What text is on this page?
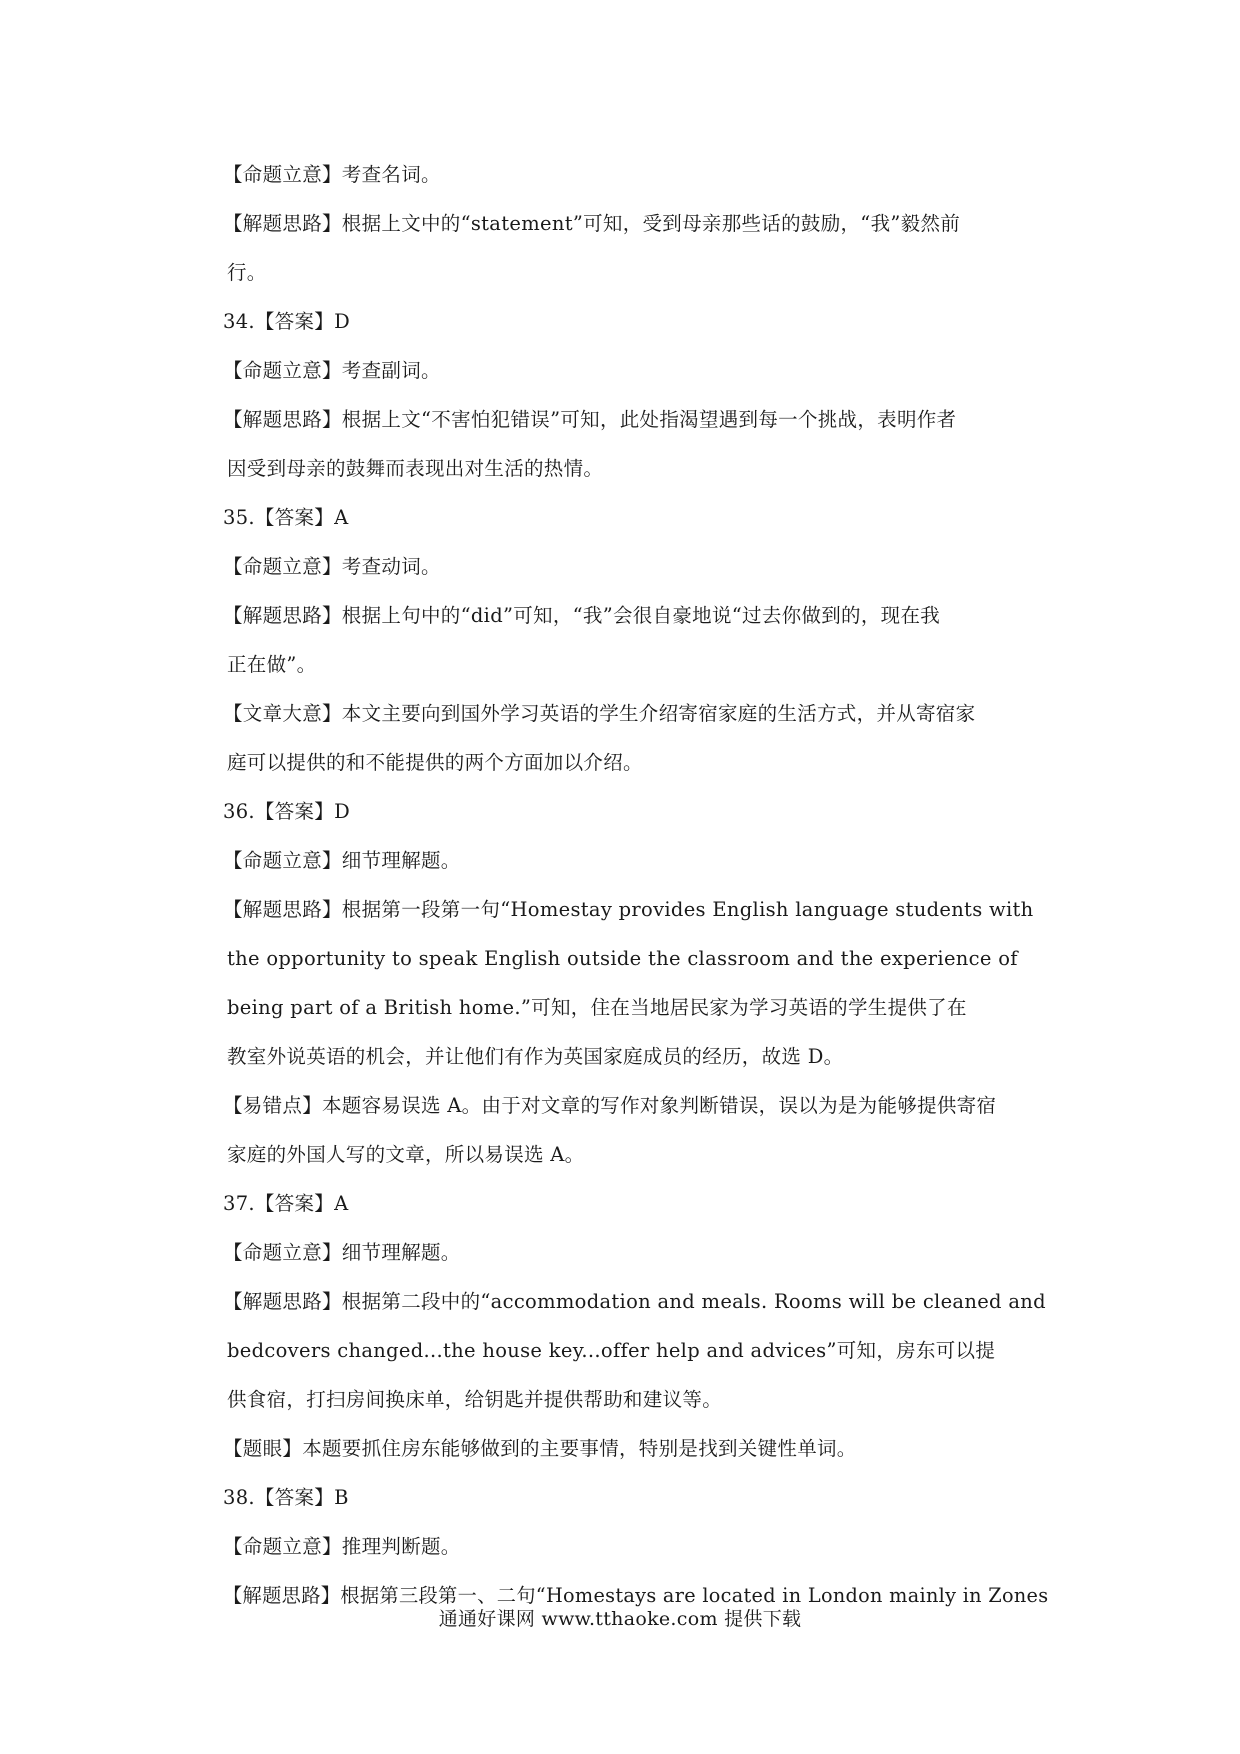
【命题立意】考查名词。
【解题思路】根据上文中的“statement”可知，受到母亲那些话的鼓励，“我”毅然前
行。
34.【答案】D
【命题立意】考查副词。
【解题思路】根据上文“不害怕犯错误”可知，此处指渴望遇到每一个挑战，表明作者
因受到母亲的鼓舞而表现出对生活的热情。
35.【答案】A
【命题立意】考查动词。
【解题思路】根据上句中的“did”可知，“我”会很自豪地说“过去你做到的，现在我
正在做”。
【文章大意】本文主要向到国外学习英语的学生介绍寄宿家庭的生活方式，并从寄宿家
庭可以提供的和不能提供的两个方面加以介绍。
36.【答案】D
【命题立意】细节理解题。
【解题思路】根据第一段第一句“Homestay provides English language students with
the opportunity to speak English outside the classroom and the experience of
being part of a British home.”可知，住在当地居民家为学习英语的学生提供了在
教室外说英语的机会，并让他们有作为英国家庭成员的经历，故选 D。
【易错点】本题容易误选 A。由于对文章的写作对象判断错误，误以为是为能够提供寄宿
家庭的外国人写的文章，所以易误选 A。
37.【答案】A
【命题立意】细节理解题。
【解题思路】根据第二段中的“accommodation and meals. Rooms will be cleaned and
bedcovers changed...the house key...offer help and advices”可知，房东可以提
供食宿，打扫房间换床单，给钥匙并提供帮助和建议等。
【题眼】本题要抓住房东能够做到的主要事情，特别是找到关键性单词。
38.【答案】B
【命题立意】推理判断题。
【解题思路】根据第三段第一、二句“Homestays are located in London mainly in Zones
通通好课网 www.tthaoke.com 提供下载
